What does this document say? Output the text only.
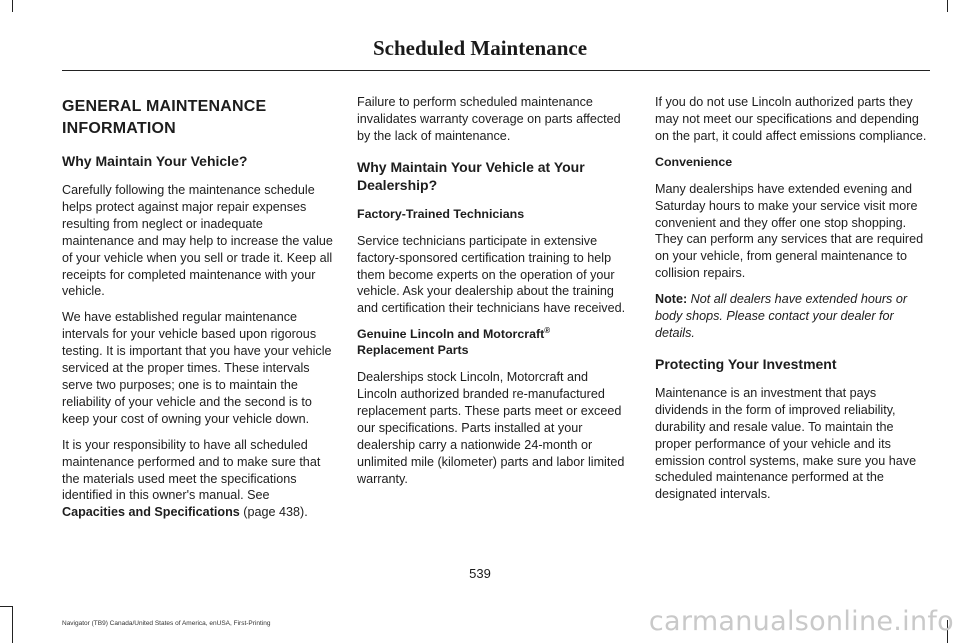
Scheduled Maintenance
GENERAL MAINTENANCE
INFORMATION
Why Maintain Your Vehicle?

Carefully following the maintenance schedule helps protect against major repair expenses resulting from neglect or inadequate maintenance and may help to increase the value of your vehicle when you sell or trade it. Keep all receipts for completed maintenance with your vehicle.

We have established regular maintenance intervals for your vehicle based upon rigorous testing. It is important that you have your vehicle serviced at the proper times. These intervals serve two purposes; one is to maintain the reliability of your vehicle and the second is to keep your cost of owning your vehicle down.

It is your responsibility to have all scheduled maintenance performed and to make sure that the materials used meet the specifications identified in this owner's manual. See Capacities and Specifications (page 438).

Failure to perform scheduled maintenance invalidates warranty coverage on parts affected by the lack of maintenance.

Why Maintain Your Vehicle at Your Dealership?
Factory-Trained Technicians

Service technicians participate in extensive factory-sponsored certification training to help them become experts on the operation of your vehicle. Ask your dealership about the training and certification their technicians have received.

Genuine Lincoln and Motorcraft®
Replacement Parts

Dealerships stock Lincoln, Motorcraft and Lincoln authorized branded re-manufactured replacement parts. These parts meet or exceed our specifications. Parts installed at your dealership carry a nationwide 24-month or unlimited mile (kilometer) parts and labor limited warranty.

If you do not use Lincoln authorized parts they may not meet our specifications and depending on the part, it could affect emissions compliance.

Convenience

Many dealerships have extended evening and Saturday hours to make your service visit more convenient and they offer one stop shopping. They can perform any services that are required on your vehicle, from general maintenance to collision repairs.

Note: Not all dealers have extended hours or body shops. Please contact your dealer for details.

Protecting Your Investment

Maintenance is an investment that pays dividends in the form of improved reliability, durability and resale value. To maintain the proper performance of your vehicle and its emission control systems, make sure you have scheduled maintenance performed at the designated intervals.

539
Navigator (TB9) Canada/United States of America, enUSA, First-Printing	carmanualsonline.info
